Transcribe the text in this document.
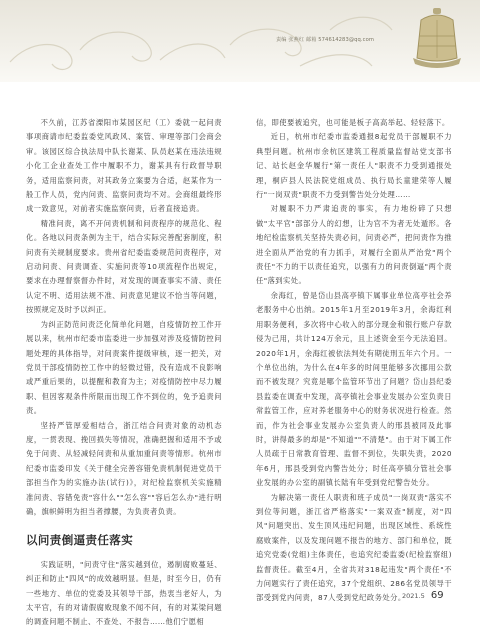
责编 张燕红 邮箱 574614283@qq.com

不久前，江苏省溧阳市某园区纪（工）委就一起问责事项商请市纪委监委党风政风、案管、审理等部门会商会审。该园区综合执法局中队长谢某、队员赵某在违法违规小化工企业查处工作中履职不力，谢某具有行政督导职务，适用监察问责，对其政务立案要为合适，赵某作为一般工作人员，党内问责、监察问责均不对。会商组最终形成一致意见，对前者实施监察问责，后者直接追责。

精准问责，离不开问责机制和问责程序的规范化、程化。各地以问责条例为主干，结合实际完善配套制度，积问责有关规制度要求。贵州省纪委监委规范问责程序，对启动问责、问责调查、实施问责等10项流程作出规定，要求在办理督察督办件时，对发现的调查事实不清、责任认定不明、适用法规不准、问责意见建议不恰当等问题，按照规定及时予以纠正。

为纠正防范问责泛化简单化问题，自疫情防控工作开展以来，杭州市纪委市监委进一步加强对涉及疫情防控问题处理的具体指导，对问责案件提级审核，逐一把关，对党员干部疫情防控工作中的轻微过错，没有造成不良影响或严重后果的，以提醒和教育为主；对疫情防控中尽力履职、但因客观条件所限而出现工作不到位的，免予追责问责。

坚持严管厚爱相结合，浙江结合问责对象的动机态度，一贯表现、挽回损失等情况，准确把握和适用不予或免于问责、从轻减轻问责和从重加重问责等情形。杭州市纪委市监委印发《关于健全完善容错免责机制促进党员干部担当作为的实施办法(试行)》，对纪检监察机关实施精准问责、容错免责"容什么""怎么容""容后怎么办"进行明确，旗帜鲜明为担当者撑腰，为负责者负责。

以问责倒逼责任落实

实践证明，"问责守住"落实越到位，遏制腐败蔓延、纠正和防止"四风"的成效越明显。但是，时至今日，仍有一些地方、单位的党委及其领导干部，热衷当老好人，为太平官，有的对请假腐败现象不闻不问，有的对某梁问题的调查问题不制止、不查处、不报告……他们宁愿相

信，即使要被追究，也可能是板子高高举起、轻轻落下。

近日，杭州市纪委市监委通报8起党员干部履职不力典型问题。杭州市余杭区建筑工程质量监督站党支部书记、站长赵金华履行"第一责任人"职责不力受到通报处理，桐庐县人民法院党组成员、执行局长童建荣等人履行"一岗双责"职责不力受到警告处分处理……

对履职不力严肃追责的事实，有力地纷碎了只想做"太平官"部部分人的幻想，让为官不为者无处遁形。各地纪检监察机关坚持失责必问，问责必严，把问责作为推进全面从严治党的有力抓手，对履行全面从严治党"两个责任"不力的干以责任追究，以强有力的问责倒逼"两个责任"落到实处。

余海红，曾是岱山县高亭镇下属事业单位高亭社会养老服务中心出纳。2015年1月至2019年3月，余海红利用职务便利，多次将中心收入的部分现金和银行账户存款侵为己用，共计124万余元，且上述资金至今无法追回。2020年1月，余海红被依法判处有期徒刑五年六个月。一个单位出纳，为什么在4年多的时间里能够多次挪用公款而不被发现？究竟是哪个监管环节出了问题？岱山县纪委县监委在调查中发现，高亭镇社会事业发展办公室负责日常监管工作，应对养老服务中心的财务状况进行检查。然而，作为社会事业发展办公室负责人的邢县被同及此事时，讲得最多的却是"不知道""不清楚"。由于对下属工作人员疏于日常教育管理、监督不到位，失职失责，2020年6月，邢县受到党内警告处分；时任高亭镇分管社会事业发展的办公室的副镇长陆有年受到党纪警告处分。

为解决第一责任人职责和班子成员"一岗双责"落实不到位等问题，浙江省严格落实"一案双查"制度，对"四风"问题突出、发生顶风违纪问题，出现区域性、系统性腐败案件，以及发现问题不报告的地方、部门和单位，既追究党委(党组)主体责任，也追究纪委监委(纪检监察组)监督责任。截至4月，全省共对318起违发"两个责任"不力问题实行了责任追究，37个党组织、286名党员领导干部受到党内问责，87人受到党纪政务处分。

2021.5 69
